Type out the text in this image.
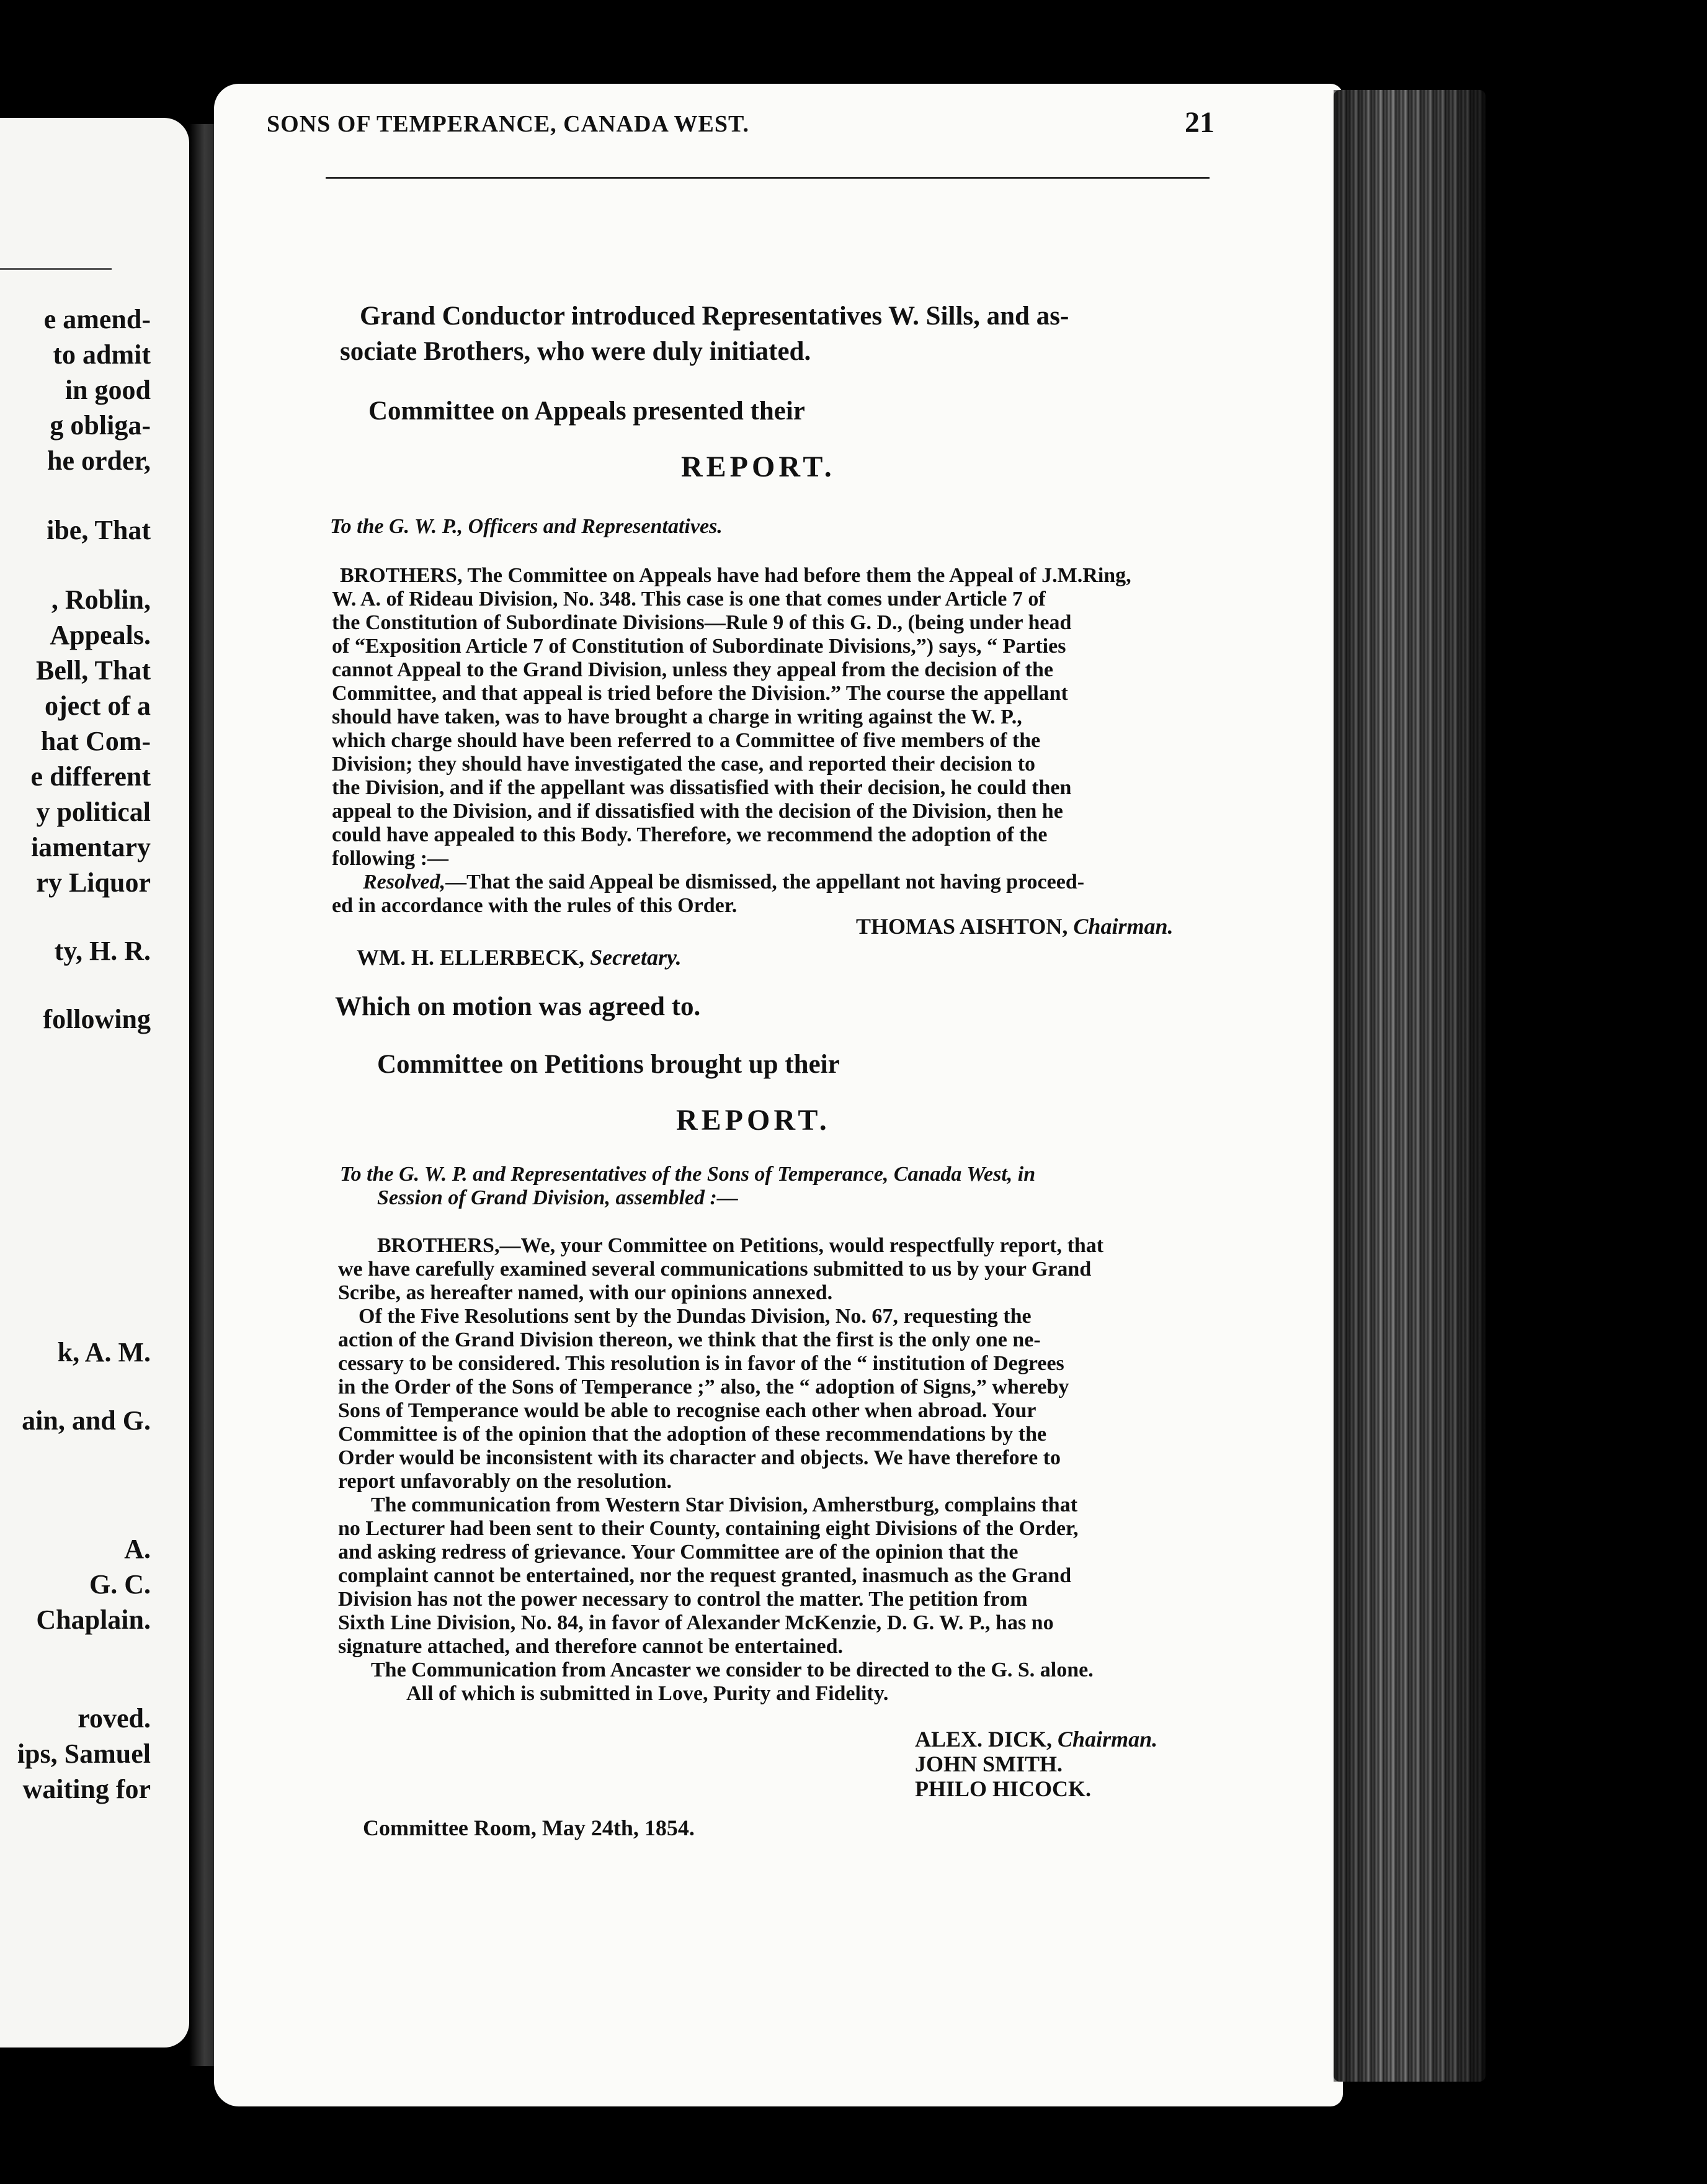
e amend-
to admit
in good
g obliga-
he order,
ibe, That
, Roblin,
Appeals.
Bell, That
oject of a
hat Com-
e different
y political
iamentary
ry Liquor
ty, H. R.
following
k, A. M.
ain, and G.
A.
G. C.
Chaplain.
roved.
ips, Samuel
waiting for
SONS OF TEMPERANCE, CANADA WEST.	21
Grand Conductor introduced Representatives W. Sills, and as-
sociate Brothers, who were duly initiated.
Committee on Appeals presented their
REPORT.
To the G. W. P., Officers and Representatives.
BROTHERS, The Committee on Appeals have had before them the Appeal of J.M.Ring,
W. A. of Rideau Division, No. 348. This case is one that comes under Article 7 of
the Constitution of Subordinate Divisions—Rule 9 of this G. D., (being under head
of “Exposition Article 7 of Constitution of Subordinate Divisions,”) says, “ Parties
cannot Appeal to the Grand Division, unless they appeal from the decision of the
Committee, and that appeal is tried before the Division.” The course the appellant
should have taken, was to have brought a charge in writing against the W. P.,
which charge should have been referred to a Committee of five members of the
Division; they should have investigated the case, and reported their decision to
the Division, and if the appellant was dissatisfied with their decision, he could then
appeal to the Division, and if dissatisfied with the decision of the Division, then he
could have appealed to this Body. Therefore, we recommend the adoption of the
following :—
Resolved,—That the said Appeal be dismissed, the appellant not having proceed-
ed in accordance with the rules of this Order.
THOMAS AISHTON, Chairman.
WM. H. ELLERBECK, Secretary.
Which on motion was agreed to.
Committee on Petitions brought up their
REPORT.
To the G. W. P. and Representatives of the Sons of Temperance, Canada West, in
Session of Grand Division, assembled :—
BROTHERS,—We, your Committee on Petitions, would respectfully report, that
we have carefully examined several communications submitted to us by your Grand
Scribe, as hereafter named, with our opinions annexed.
Of the Five Resolutions sent by the Dundas Division, No. 67, requesting the
action of the Grand Division thereon, we think that the first is the only one ne-
cessary to be considered. This resolution is in favor of the “ institution of Degrees
in the Order of the Sons of Temperance ;” also, the “ adoption of Signs,” whereby
Sons of Temperance would be able to recognise each other when abroad. Your
Committee is of the opinion that the adoption of these recommendations by the
Order would be inconsistent with its character and objects. We have therefore to
report unfavorably on the resolution.
The communication from Western Star Division, Amherstburg, complains that
no Lecturer had been sent to their County, containing eight Divisions of the Order,
and asking redress of grievance. Your Committee are of the opinion that the
complaint cannot be entertained, nor the request granted, inasmuch as the Grand
Division has not the power necessary to control the matter. The petition from
Sixth Line Division, No. 84, in favor of Alexander McKenzie, D. G. W. P., has no
signature attached, and therefore cannot be entertained.
The Communication from Ancaster we consider to be directed to the G. S. alone.
All of which is submitted in Love, Purity and Fidelity.
ALEX. DICK, Chairman.
JOHN SMITH.
PHILO HICOCK.
Committee Room, May 24th, 1854.
